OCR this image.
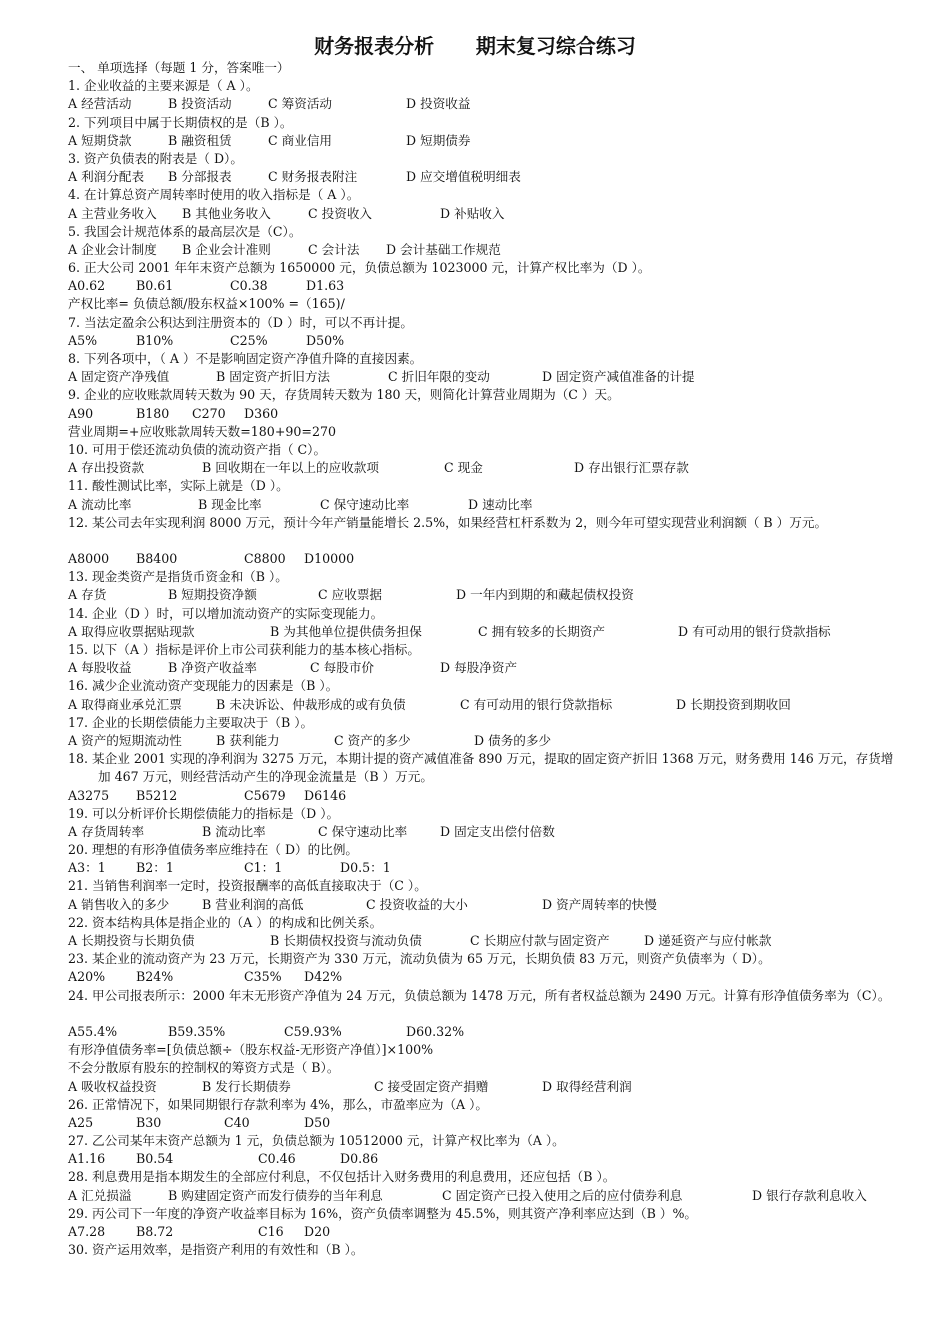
财务报表分析      期末复习综合练习
一、 单项选择（每题 1 分，答案唯一）
1. 企业收益的主要来源是（ A ）。
A 经营活动	B 投资活动	C 筹资活动	D 投资收益
2. 下列项目中属于长期债权的是（B ）。
A 短期贷款	B 融资租赁	C 商业信用	D 短期债券
3. 资产负债表的附表是（ D）。
A 利润分配表 B 分部报表	C 财务报表附注	D 应交增值税明细表
4. 在计算总资产周转率时使用的收入指标是（ A ）。
A 主营业务收入 B 其他业务收入	C 投资收入	D 补贴收入
5. 我国会计规范体系的最高层次是（C）。
A 企业会计制度 B 企业会计准则	C 会计法 D 会计基础工作规范
6. 正大公司 2001 年年末资产总额为 1650000 元，负债总额为 1023000 元，计算产权比率为（D ）。
A0.62 B0.61	C0.38	D1.63
产权比率= 负债总额/股东权益×100% =（165)/
7. 当法定盈余公积达到注册资本的（D ）时，可以不再计提。
A5%	B10%	C25%	D50%
8. 下列各项中，（ A ）不是影响固定资产净值升降的直接因素。
A 固定资产净残值	B 固定资产折旧方法	C 折旧年限的变动	D 固定资产减值准备的计提
9. 企业的应收账款周转天数为 90 天，存货周转天数为 180 天，则简化计算营业周期为（C ）天。
A90	B180 C270 D360
营业周期=+应收账款周转天数=180+90=270
10. 可用于偿还流动负债的流动资产指（ C）。
A 存出投资款	B 回收期在一年以上的应收款项	C 现金	D 存出银行汇票存款
11. 酸性测试比率，实际上就是（D ）。
A 流动比率	B 现金比率	C 保守速动比率	D 速动比率
12. 某公司去年实现利润 8000 万元，预计今年产销量能增长 2.5%，如果经营杠杆系数为 2，则今年可望实现营业利润额（ B ）万元。
A8000 B8400	C8800 D10000
13. 现金类资产是指货币资金和（B ）。
A 存货	B 短期投资净额	C 应收票据	D 一年内到期的和藏起债权投资
14. 企业（D ）时，可以增加流动资产的实际变现能力。
A 取得应收票据贴现款	B 为其他单位提供债务担保	C 拥有较多的长期资产	D 有可动用的银行贷款指标
15. 以下（A ）指标是评价上市公司获利能力的基本核心指标。
A 每股收益	B 净资产收益率	C 每股市价	D 每股净资产
16. 减少企业流动资产变现能力的因素是（B ）。
A 取得商业承兑汇票	B 未决诉讼、仲裁形成的或有负债	C 有可动用的银行贷款指标	D 长期投资到期收回
17. 企业的长期偿债能力主要取决于（B ）。
A 资产的短期流动性	B 获利能力	C 资产的多少	D 债务的多少
18. 某企业 2001 实现的净利润为 3275 万元，本期计提的资产减值准备 890 万元，提取的固定资产折旧 1368 万元，财务费用 146 万元，存货增加 467 万元，则经营活动产生的净现金流量是（B ）万元。
A3275 B5212	C5679 D6146
19. 可以分析评价长期偿债能力的指标是（D ）。
A 存货周转率	B 流动比率	C 保守速动比率	D 固定支出偿付倍数
20. 理想的有形净值债务率应维持在（ D）的比例。
A3：1 B2：1	C1：1	D0.5：1
21. 当销售利润率一定时，投资报酬率的高低直接取决于（C ）。
A 销售收入的多少	B 营业利润的高低	C 投资收益的大小	D 资产周转率的快慢
22. 资本结构具体是指企业的（A ）的构成和比例关系。
A 长期投资与长期负债	B 长期债权投资与流动负债	C 长期应付款与固定资产	D 递延资产与应付帐款
23. 某企业的流动资产为 23 万元，长期资产为 330 万元，流动负债为 65 万元，长期负债 83 万元，则资产负债率为（ D）。
A20% B24%	C35% D42%
24. 甲公司报表所示：2000 年末无形资产净值为 24 万元，负债总额为 1478 万元，所有者权益总额为 2490 万元。计算有形净值债务率为（C）。
A55.4%	B59.35%	C59.93%	D60.32%
有形净值债务率=[负债总额÷（股东权益-无形资产净值）]×100%
不会分散原有股东的控制权的筹资方式是（ B）。
A 吸收权益投资	B 发行长期债券	C 接受固定资产捐赠	D 取得经营利润
26. 正常情况下，如果同期银行存款利率为 4%，那么，市盈率应为（A ）。
A25	B30	C40	D50
27. 乙公司某年末资产总额为 1 元，负债总额为 10512000 元，计算产权比率为（A ）。
A1.16 B0.54	C0.46	D0.86
28. 利息费用是指本期发生的全部应付利息，不仅包括计入财务费用的利息费用，还应包括（B ）。
A 汇兑损溢	B 购建固定资产而发行债券的当年利息	C 固定资产已投入使用之后的应付债券利息	D 银行存款利息收入
29. 丙公司下一年度的净资产收益率目标为 16%，资产负债率调整为 45.5%，则其资产净利率应达到（B ）%。
A7.28 B8.72	C16 D20
30. 资产运用效率，是指资产利用的有效性和（B ）。
